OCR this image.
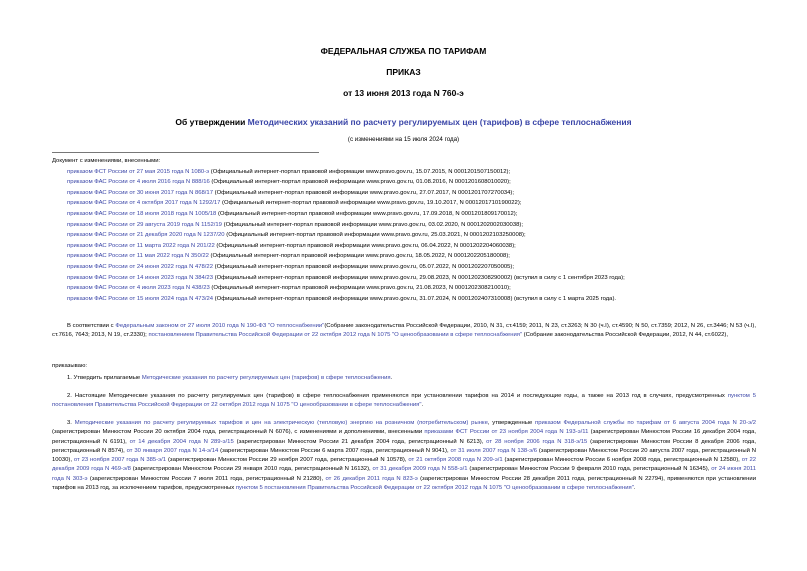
ФЕДЕРАЛЬНАЯ СЛУЖБА ПО ТАРИФАМ
ПРИКАЗ
от 13 июня 2013 года N 760-э
Об утверждении Методических указаний по расчету регулируемых цен (тарифов) в сфере теплоснабжения
(с изменениями на 15 июля 2024 года)
Документ с изменениями, внесенными:
приказом ФСТ России от 27 мая 2015 года N 1080-э (Официальный интернет-портал правовой информации www.pravo.gov.ru, 15.07.2015, N 0001201507150012);
приказом ФАС России от 4 июля 2016 года N 888/16 (Официальный интернет-портал правовой информации www.pravo.gov.ru, 01.08.2016, N 0001201608010020);
приказом ФАС России от 30 июня 2017 года N 868/17 (Официальный интернет-портал правовой информации www.pravo.gov.ru, 27.07.2017, N 0001201707270034);
приказом ФАС России от 4 октября 2017 года N 1292/17 (Официальный интернет-портал правовой информации www.pravo.gov.ru, 19.10.2017, N 0001201710190022);
приказом ФАС России от 18 июля 2018 года N 1005/18 (Официальный интернет-портал правовой информации www.pravo.gov.ru, 17.09.2018, N 0001201809170012);
приказом ФАС России от 29 августа 2019 года N 1152/19 (Официальный интернет-портал правовой информации www.pravo.gov.ru, 03.02.2020, N 0001202002030038);
приказом ФАС России от 21 декабря 2020 года N 1237/20 (Официальный интернет-портал правовой информации www.pravo.gov.ru, 25.03.2021, N 0001202103250008);
приказом ФАС России от 11 марта 2022 года N 201/22 (Официальный интернет-портал правовой информации www.pravo.gov.ru, 06.04.2022, N 0001202204060038);
приказом ФАС России от 11 мая 2022 года N 350/22 (Официальный интернет-портал правовой информации www.pravo.gov.ru, 18.05.2022, N 0001202205180008);
приказом ФАС России от 24 июня 2022 года N 478/22 (Официальный интернет-портал правовой информации www.pravo.gov.ru, 05.07.2022, N 0001202207050005);
приказом ФАС России от 14 июня 2023 года N 384/23 (Официальный интернет-портал правовой информации www.pravo.gov.ru, 29.08.2023, N 0001202308290002) (вступил в силу с 1 сентября 2023 года);
приказом ФАС России от 4 июля 2023 года N 438/23 (Официальный интернет-портал правовой информации www.pravo.gov.ru, 21.08.2023, N 0001202308210010);
приказом ФАС России от 15 июля 2024 года N 473/24 (Официальный интернет-портал правовой информации www.pravo.gov.ru, 31.07.2024, N 0001202407310008) (вступил в силу с 1 марта 2025 года).
В соответствии с Федеральным законом от 27 июля 2010 года N 190-ФЗ "О теплоснабжении"(Собрание законодательства Российской Федерации, 2010, N 31, ст.4159; 2011, N 23, ст.3263; N 30 (ч.I), ст.4590; N 50, ст.7359; 2012, N 26, ст.3446; N 53 (ч.I), ст.7616, 7643; 2013, N 19, ст.2330); постановлением Правительства Российской Федерации от 22 октября 2012 года N 1075 "О ценообразовании в сфере теплоснабжения" (Собрание законодательства Российской Федерации, 2012, N 44, ст.6022),
приказываю:
1. Утвердить прилагаемые Методические указания по расчету регулируемых цен (тарифов) в сфере теплоснабжения.
2. Настоящие Методические указания по расчету регулируемых цен (тарифов) в сфере теплоснабжения применяются при установлении тарифов на 2014 и последующие годы, а также на 2013 год в случаях, предусмотренных пунктом 5 постановления Правительства Российской Федерации от 22 октября 2012 года N 1075 "О ценообразовании в сфере теплоснабжения".
3. Методические указания по расчету регулируемых тарифов и цен на электрическую (тепловую) энергию на розничном (потребительском) рынке, утвержденные приказом Федеральной службы по тарифам от 6 августа 2004 года N 20-э/2 (зарегистрирован Минюстом России 20 октября 2004 года, регистрационный N 6076), с изменениями и дополнениями, внесенными приказами ФСТ России от 23 ноября 2004 года N 193-э/11 (зарегистрирован Минюстом России 16 декабря 2004 года, регистрационный N 6191), от 14 декабря 2004 года N 289-э/15 (зарегистрирован Минюстом России 21 декабря 2004 года, регистрационный N 6213), от 28 ноября 2006 года N 318-э/15 (зарегистрирован Минюстом России 8 декабря 2006 года, регистрационный N 8574), от 30 января 2007 года N 14-э/14 (зарегистрирован Минюстом России 6 марта 2007 года, регистрационный N 9041), от 31 июля 2007 года N 138-э/6 (зарегистрирован Минюстом России 20 августа 2007 года, регистрационный N 10030), от 23 ноября 2007 года N 385-э/1 (зарегистрирован Минюстом России 29 ноября 2007 года, регистрационный N 10578), от 21 октября 2008 года N 209-э/1 (зарегистрирован Минюстом России 6 ноября 2008 года, регистрационный N 12580), от 22 декабря 2009 года N 469-э/8 (зарегистрирован Минюстом России 29 января 2010 года, регистрационный N 16132), от 31 декабря 2009 года N 558-э/1 (зарегистрирован Минюстом России 9 февраля 2010 года, регистрационный N 16345), от 24 июня 2011 года N 303-э (зарегистрирован Минюстом России 7 июля 2011 года, регистрационный N 21280), от 26 декабря 2011 года N 823-э (зарегистрирован Минюстом России 28 декабря 2011 года, регистрационный N 22794), применяются при установлении тарифов на 2013 год, за исключением тарифов, предусмотренных пунктом 5 постановления Правительства Российской Федерации от 22 октября 2012 года N 1075 "О ценообразовании в сфере теплоснабжения".
